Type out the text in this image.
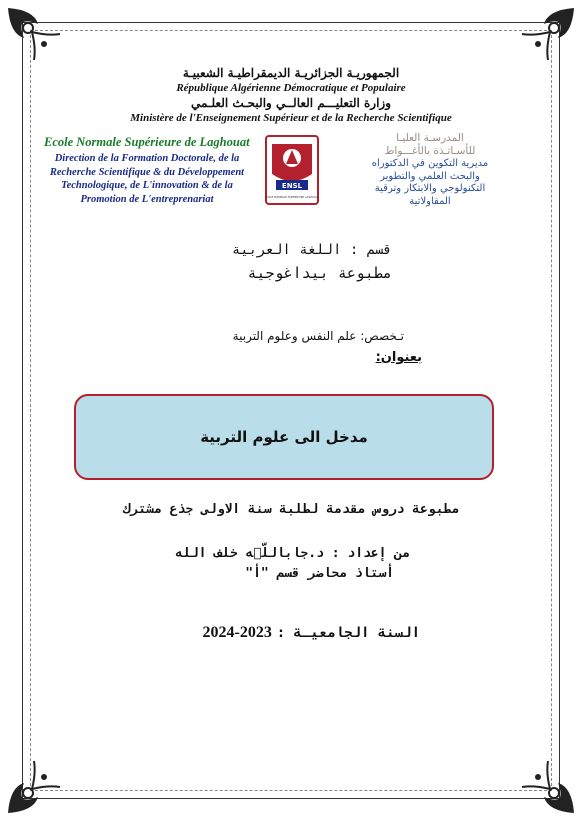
الجمهوريـة الجزائريـة الديمقراطيـة الشعبيـة
République Algérienne Démocratique et Populaire
وزارة التعليـــم العالــي والبحـث العلـمي
Ministère de l'Enseignement Supérieur et de la Recherche Scientifique
Ecole Normale Supérieure de Laghouat
Direction de la Formation Doctorale, de la
Recherche Scientifique & du Développement
Technologique, de L'innovation & de la
Promotion de L'entreprenariat
ENSL
ECOLE NORMALE SUPERIEURE LAGHOUAT
المدرسـة العليـا
للأسـاتـذة بالأغـــواط
مديرية التكوين في الدكتوراه
والبحث العلمي والتطوير
التكنولوجي والابتكار وترقية
المقاولاتية
قسم : اللغة العربية
مطبوعة بيداغوجية
تـخصص: علم النفس وعلوم التربية
بعنوان:
مدخل الى علوم التربية
مطبوعة دروس مقدمة لطلبة سنة الاولى جذع مشترك
من إعداد : د.جاباللّٰه خلف الله
أستاذ محاضر قسم "أ"
السنة الجامعيـة : 2024-2023
